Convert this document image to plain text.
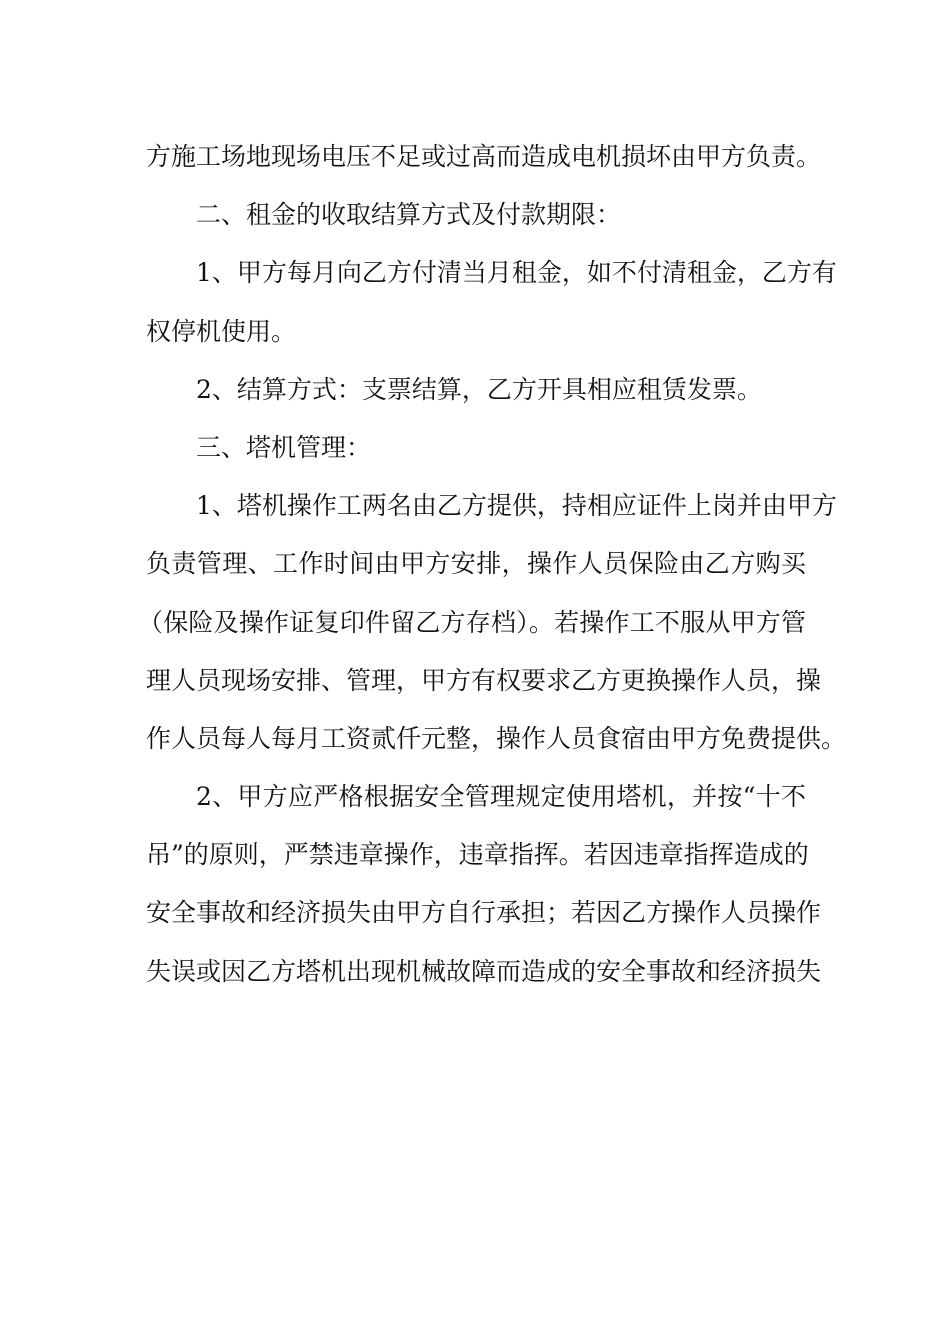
方施工场地现场电压不足或过高而造成电机损坏由甲方负责。

二、租金的收取结算方式及付款期限：

1、甲方每月向乙方付清当月租金，如不付清租金，乙方有

权停机使用。

2、结算方式：支票结算，乙方开具相应租赁发票。

三、塔机管理：

1、塔机操作工两名由乙方提供，持相应证件上岗并由甲方

负责管理、工作时间由甲方安排，操作人员保险由乙方购买

（保险及操作证复印件留乙方存档）。若操作工不服从甲方管

理人员现场安排、管理，甲方有权要求乙方更换操作人员，操

作人员每人每月工资贰仟元整，操作人员食宿由甲方免费提供。

2、甲方应严格根据安全管理规定使用塔机，并按“十不

吊”的原则，严禁违章操作，违章指挥。若因违章指挥造成的

安全事故和经济损失由甲方自行承担；若因乙方操作人员操作

失误或因乙方塔机出现机械故障而造成的安全事故和经济损失
